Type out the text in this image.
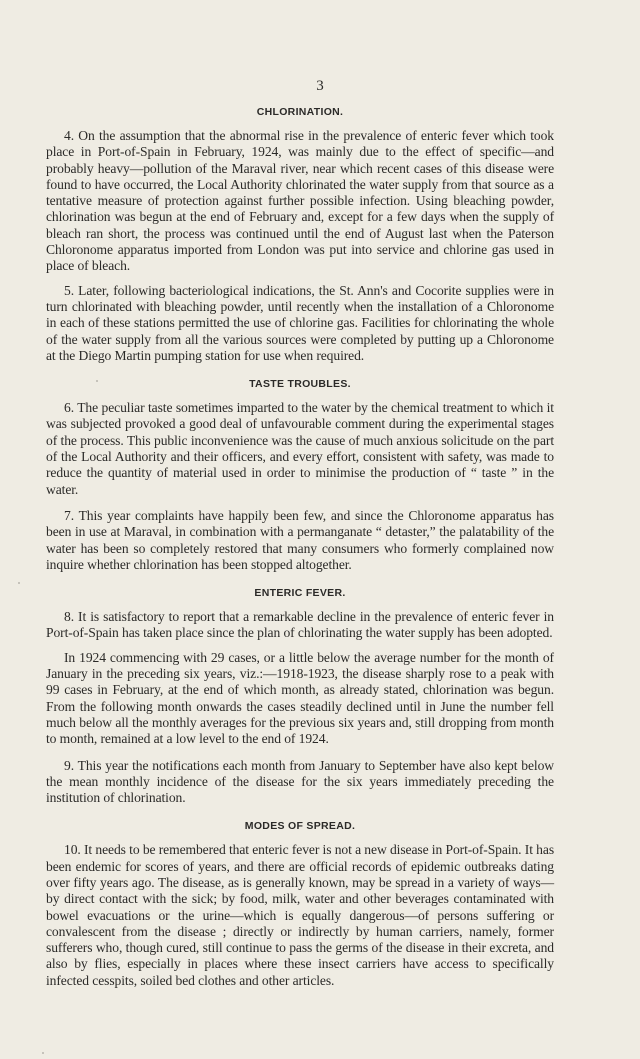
3
CHLORINATION.

4. On the assumption that the abnormal rise in the prevalence of enteric fever which took place in Port-of-Spain in February, 1924, was mainly due to the effect of specific—and probably heavy—pollution of the Maraval river, near which recent cases of this disease were found to have occurred, the Local Authority chlorinated the water supply from that source as a tentative measure of protection against further possible infection. Using bleaching powder, chlorination was begun at the end of February and, except for a few days when the supply of bleach ran short, the process was continued until the end of August last when the Paterson Chloronome apparatus imported from London was put into service and chlorine gas used in place of bleach.

5. Later, following bacteriological indications, the St. Ann's and Cocorite supplies were in turn chlorinated with bleaching powder, until recently when the installation of a Chloronome in each of these stations permitted the use of chlorine gas. Facilities for chlorinating the whole of the water supply from all the various sources were completed by putting up a Chloronome at the Diego Martin pumping station for use when required.

TASTE TROUBLES.

6. The peculiar taste sometimes imparted to the water by the chemical treatment to which it was subjected provoked a good deal of unfavourable comment during the experimental stages of the process. This public inconvenience was the cause of much anxious solicitude on the part of the Local Authority and their officers, and every effort, consistent with safety, was made to reduce the quantity of material used in order to minimise the production of “ taste ” in the water.

7. This year complaints have happily been few, and since the Chloronome apparatus has been in use at Maraval, in combination with a permanganate “ detaster,” the palatability of the water has been so completely restored that many consumers who formerly complained now inquire whether chlorination has been stopped altogether.

ENTERIC FEVER.

8. It is satisfactory to report that a remarkable decline in the prevalence of enteric fever in Port-of-Spain has taken place since the plan of chlorinating the water supply has been adopted.

In 1924 commencing with 29 cases, or a little below the average number for the month of January in the preceding six years, viz.:—1918-1923, the disease sharply rose to a peak with 99 cases in February, at the end of which month, as already stated, chlorination was begun. From the following month onwards the cases steadily declined until in June the number fell much below all the monthly averages for the previous six years and, still dropping from month to month, remained at a low level to the end of 1924.

9. This year the notifications each month from January to September have also kept below the mean monthly incidence of the disease for the six years immediately preceding the institution of chlorination.

MODES OF SPREAD.

10. It needs to be remembered that enteric fever is not a new disease in Port-of-Spain. It has been endemic for scores of years, and there are official records of epidemic outbreaks dating over fifty years ago. The disease, as is generally known, may be spread in a variety of ways—by direct contact with the sick; by food, milk, water and other beverages contaminated with bowel evacuations or the urine—which is equally dangerous—of persons suffering or convalescent from the disease ; directly or indirectly by human carriers, namely, former sufferers who, though cured, still continue to pass the germs of the disease in their excreta, and also by flies, especially in places where these insect carriers have access to specifically infected cesspits, soiled bed clothes and other articles.
